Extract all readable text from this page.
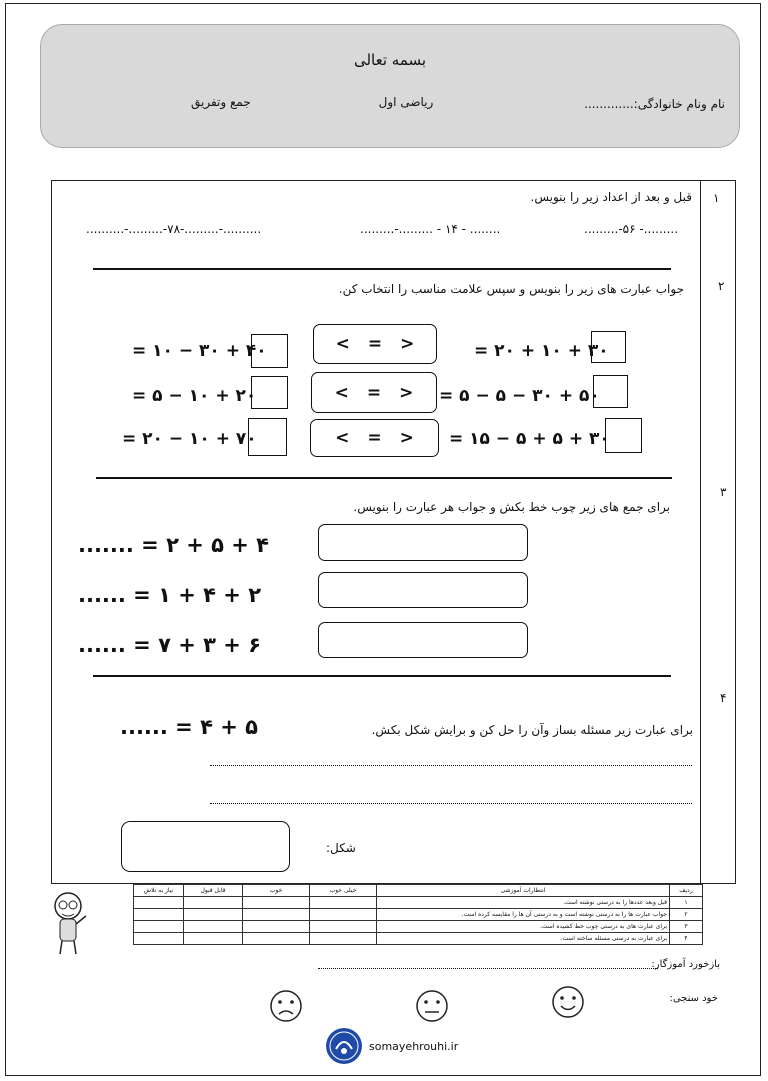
بسمه تعالی
نام ونام خانوادگی:.............
ریاضی اول
جمع وتفریق
۱
قبل و بعد از اعداد زیر را بنویس.
..........-.........-۷۸-.........-..........	........ - ۱۴ - .........-.........	.........- ۵۶-.........
۲
جواب عبارت های زیر را بنویس و سپس علامت مناسب را انتخاب کن.
۴۰ + ۳۰ − ۱۰ =	< = >	۳۰ + ۱۰ + ۲۰ =
۲۰ + ۱۰ − ۵ =	< = > ۵۰ + ۳۰ − ۵ − ۵ =
۷۰ + ۱۰ − ۲۰ =	< = > ۳۰ + ۵ + ۵ − ۱۵ =
۳
برای جمع های زیر چوب خط بکش و جواب هر عبارت را بنویس.
۴ + ۵ + ۲ = .......
۲ + ۴ + ۱ = ......
۶ + ۳ + ۷ = ......
۴
۵ + ۴ = ......	برای عبارت زیر مسئله بساز وآن را حل کن و برایش شکل بکش.
شکل:
ردیف	انتظارات آموزشی	خیلی خوب	خوب	قابل قبول	نیاز به تلاش
۱	قبل وبعد عددها را به درستی نوشته است.				
۲	جواب عبارت ها را به درستی نوشته است و به درستی آن ها را مقایسه کرده است.				
۳	برای عبارت های به درستی چوب خط کشیده است.				
۴	برای عبارت به درستی مسئله ساخته است.				
بازخورد آموزگار:
خود سنجی:
somayehrouhi.ir
